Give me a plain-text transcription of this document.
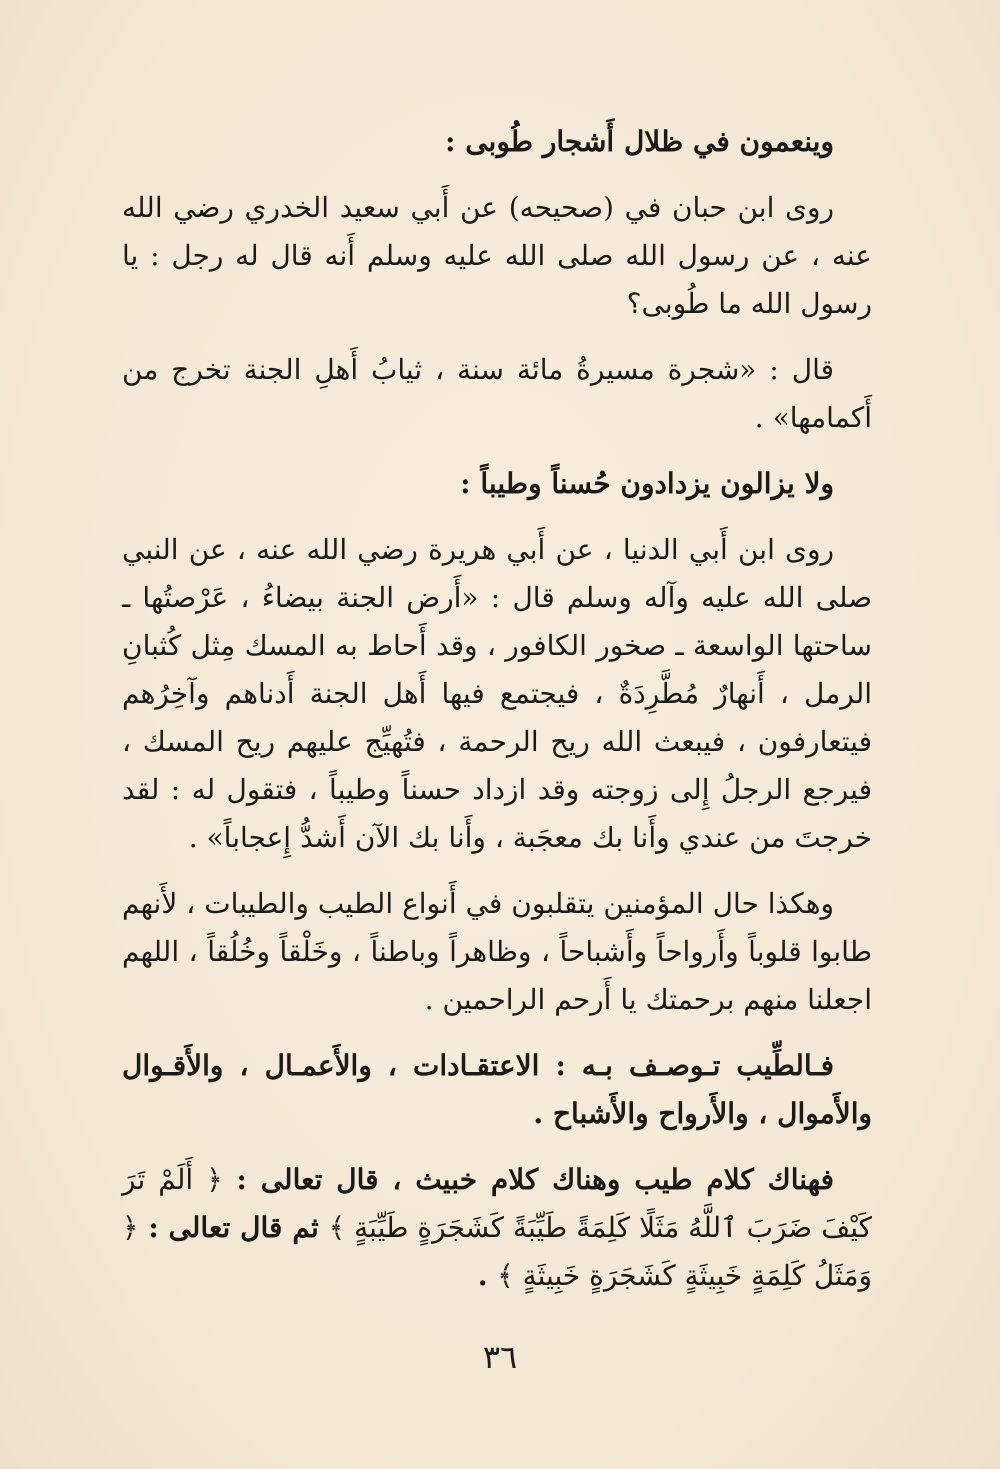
وينعمون في ظلال أَشجار طُوبى :

روى ابن حبان في (صحيحه) عن أَبي سعيد الخدري رضي الله عنه ، عن رسول الله صلى الله عليه وسلم أَنه قال له رجل : يا رسول الله ما طُوبى؟

قال : «شجرة مسيرةُ مائة سنة ، ثيابُ أَهلِ الجنة تخرج من أَكمامها» .

ولا يزالون يزدادون حُسناً وطيباً :

روى ابن أَبي الدنيا ، عن أَبي هريرة رضي الله عنه ، عن النبي صلى الله عليه وآله وسلم قال : «أَرض الجنة بيضاءُ ، عَرْصتُها ـ ساحتها الواسعة ـ صخور الكافور ، وقد أَحاط به المسك مِثل كُثبانِ الرمل ، أَنهارٌ مُطَّرِدَةٌ ، فيجتمع فيها أَهل الجنة أَدناهم وآخِرُهم فيتعارفون ، فيبعث الله ريح الرحمة ، فتُهيِّج عليهم ريح المسك ، فيرجع الرجلُ إِلى زوجته وقد ازداد حسناً وطيباً ، فتقول له : لقد خرجتَ من عندي وأَنا بك معجَبة ، وأَنا بك الآن أَشدُّ إِعجاباً» .

وهكذا حال المؤمنين يتقلبون في أَنواع الطيب والطيبات ، لأَنهم طابوا قلوباً وأَرواحاً وأَشباحاً ، وظاهراً وباطناً ، وخَلْقاً وخُلُقاً ، اللهم اجعلنا منهم برحمتك يا أَرحم الراحمين .

فـالطِّيب تـوصـف بـه : الاعتقـادات ، والأَعمـال ، والأَقـوال والأَموال ، والأَرواح والأَشباح .

فهناك كلام طيب وهناك كلام خبيث ، قال تعالى : ﴿ أَلَمْ تَرَ كَيْفَ ضَرَبَ ٱللَّهُ مَثَلًا كَلِمَةً طَيِّبَةً كَشَجَرَةٍ طَيِّبَةٍ ﴾ ثم قال تعالى : ﴿ وَمَثَلُ كَلِمَةٍ خَبِيثَةٍ كَشَجَرَةٍ خَبِيثَةٍ ﴾ .

٣٦
